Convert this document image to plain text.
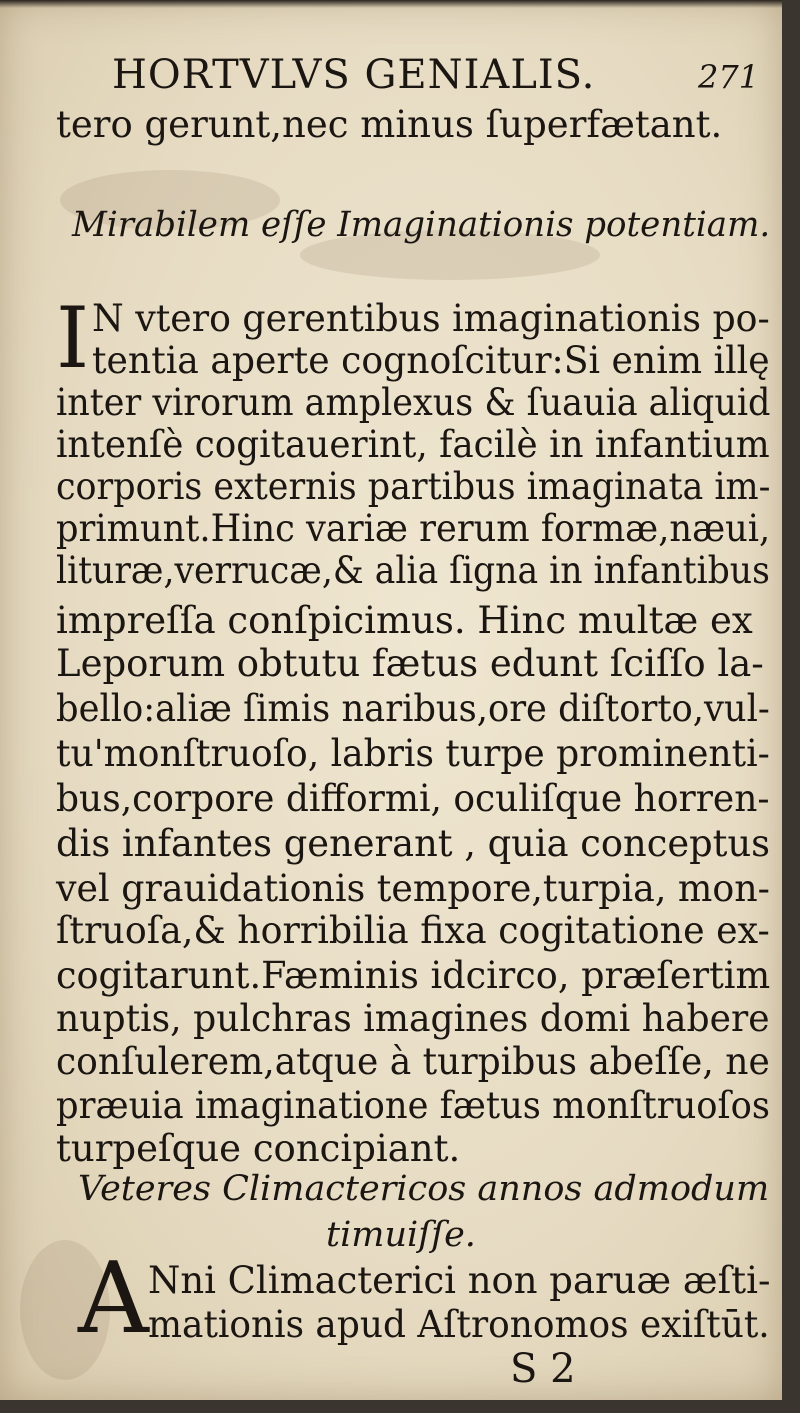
HORTVLVS GENIALIS.	271
tero gerunt,nec minus ſuperfætant.
Mirabilem eſſe Imaginationis potentiam.
I N vtero gerentibus imaginationis po-
tentia aperte cognoſcitur:Si enim illę
inter virorum amplexus & ſuauia aliquid
intenſè cogitauerint, facilè in infantium
corporis externis partibus imaginata im-
primunt.Hinc variæ rerum formæ,næui,
lituræ,verrucæ,& alia ſigna in infantibus
impreſſa conſpicimus. Hinc multæ ex
Leporum obtutu fætus edunt ſciſſo la-
bello:aliæ ſimis naribus,ore diſtorto,vul-
tu'monſtruoſo, labris turpe prominenti-
bus,corpore difformi, oculiſque horren-
dis infantes generant , quia conceptus
vel grauidationis tempore,turpia, mon-
ſtruoſa,& horribilia fixa cogitatione ex-
cogitarunt.Fæminis idcirco, præſertim
nuptis, pulchras imagines domi habere
conſulerem,atque à turpibus abeſſe, ne
præuia imaginatione fætus monſtruoſos
turpeſque concipiant.
Veteres Climactericos annos admodum
timuiſſe.
A Nni Climacterici non paruæ æſti-
mationis apud Aſtronomos exiſtūt.
S 2
